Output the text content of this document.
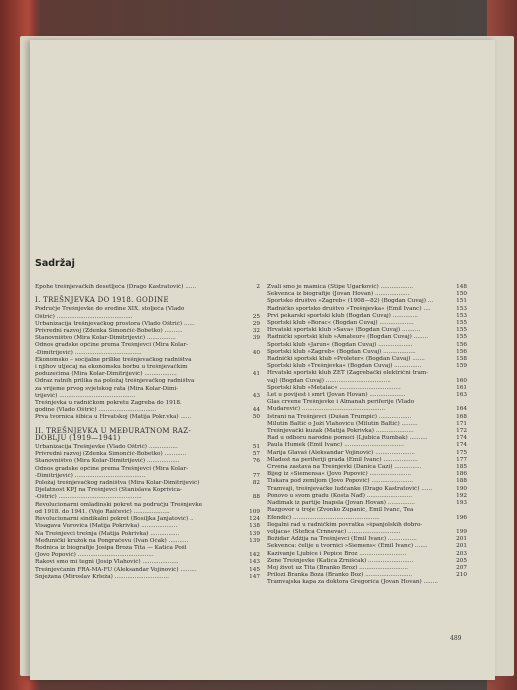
Sadržaj
Epohe trešnjevačkih desetljeća (Drago Kastratović) ......	2
I. TREŠNJEVKA DO 1918. GODINE
Područje Trešnjevke do sredine XIX. stoljeća (Vlado
Oštrić) ..........................................	25
Urbanizacija trešnjevačkog prostora (Vlado Oštrić) ......	29
Privredni razvoj (Zdenka Šimončić-Bobetko) ..........	32
Stanovništvo (Mira Kolar-Dimitrijević) ................	39
Odnos gradske općine prema Trešnjevci (Mira Kolar-
-Dimitrijević) .....................................	40
Ekonomsko – socijalne prilike trešnjevačkog radništva
i njihov utjecaj na ekonomsku borbu u trešnjevačkim
poduzećima (Mira Kolar-Dimitrijević) ..................	41
Odraz ratnih prilika na položaj trešnjevačkog radništva
za vrijeme prvog svjetskog rata (Mira Kolar-Dimi-
trijević) ..........................................	43
Trešnjevka u radničkom pokretu Zagreba do 1918.
godine (Vlado Oštrić) ................................	44
Prva tvornica šibica u Hrvatskoj (Matija Pokr.vka) ......	50
II. TREŠNJEVKA U MEĐURATNOM RAZ-
DOBLJU (1919—1941)
Urbanizacija Trešnjevke (Vlado Oštrić) ................	51
Privredni razvoj (Zdenka Šimončić-Bobetko) ............	57
Stanovništvo (Mira Kolar-Dimitrijević) ..................	76
Odnos gradske općine prema Trešnjevci (Mira Kolar-
-Dimitrijević) .......................................	77
Položaj trešnjevačkog radništva (Mira Kolar-Dimitrijević)	82
Djelatnost KPJ na Trešnjevci (Stanislava Koprivica-
-Oštrić) ..............................................	88
Revolucionarni omladinski pokret na području Trešnjevke
od 1918. do 1941. (Vojo Raičević) ....................	109
Revolucionarni sindikalni pokret (Bosiljka Janjatović) ..	124
Visagava Vurovića (Matija Pokrivka) ....................	138
Na Trešnjevci trešnja (Matija Pokrivka) ................	139
Međunički kružok na Pongračevu (Ivan Očak) ...........	139
Rodnica iz biografije Josipa Broza Tita — Katica Pošl
(Jovo Popović) ..........................................	142
Rakovi smo mi tegni (Josip Vlahović) ....................	143
Trešnjevčanin FRA-MA-FU (Aleksandar Vojinović) .........	145
Snježana (Miroslav Krleža) ..............................	147
Zvali smo je mamica (Stipe Ugarković) ..................	148
Sekvenca iz biografije (Jovan Hovan) ...................	150
Sportsko društvo »Zagreb« (1908—82) (Bogdan Cuvaj) ...	151
Radničko sportsko društvo »Trešnjevka« (Emil Ivanc) ....	153
Prvi pekarski sportski klub (Bogdan Cuvaj) ..............	153
Sportski klub »Borac« (Bogdan Cuvaj) ...................	155
Hrvatski sportski klub »Sava« (Bogdan Cuvaj) ..........	155
Radnički sportski klub »Amateur« (Bogdan Cuvaj) ........	155
Sportski klub »Jarun« (Bogdan Cuvaj) ...................	156
Sportski klub »Zagreb« (Bogdan Cuvaj) ..................	156
Radnički sportski klub »Proleter« (Bogdan Cuvaj) .......	158
Sportski klub »Trešnjevka« (Bogdan Cuvaj) ...............	159
Hrvatski sportski klub ZET (Zagrebački električni tram-
vaj) (Bogdan Cuvaj) ....................................	160
Sportski klub »Metalac« ..................................	161
Let u povijest i smrt (Jovan Hovan) ....................	163
Glas crvene Trešnjevke i Almanah periferije (Vlado
Mudarević) ..............................................	164
Istrani na Trešnjevci (Dušan Trumpić) ..................	168
Milutin Baltić o Joži Vlahoviću (Milutin Baltić) .........	171
Trešnjevački kuzak (Matija Pokrivka) .....................	172
Rad u odboru narodne pomoći (Ljubica Rumbak) ..........	174
Paula Humek (Emil Ivanc) .................................	174
Marija Glavaš (Aleksandar Vojinović) ......................	175
Mladost na periferiji grada (Emil Ivanc) ...................	177
Crvena zastava na Trešnjevki (Danica Čazi) ...............	185
Bijeg iz »Siemensa« (Jovo Popović) .......................	186
Tiskara pod zemljom (Jovo Popović) .......................	188
Tramvaji, trešnjevačke ludčanke (Drago Kastratović) ......	190
Ponovo u svom gradu (Kosta Nađ) .........................	192
Nadimak iz partije Inapsla (Jovan Hovan) ...............	193
Razgovor u troje (Zvonko Županić, Emil Ivanc, Tea
Efendić) ................................................	196
Ilegalni rad u radničkim povratka »španjolskih dobro-
voljaca« (Štefica Crnnevac) .............................	199
Božidar Adžija na Trešnjevci (Emil Ivanc) ................	201
Sekvenca: čelije u tvornici »Siemens« (Emil Ivanc) .......	201
Kazivanje Ljubice i Pepice Broz ..........................	203
Žene Trešnjevke (Katica Zrnišćak) .........................	205
Moj život uz Tita (Branko Broz) ...........................	207
Prilozi Branka Boza (Branko Boz) ..........................	210
Tramvajska kapa za doktora Gregorića (Jovan Hovan) ........
489
